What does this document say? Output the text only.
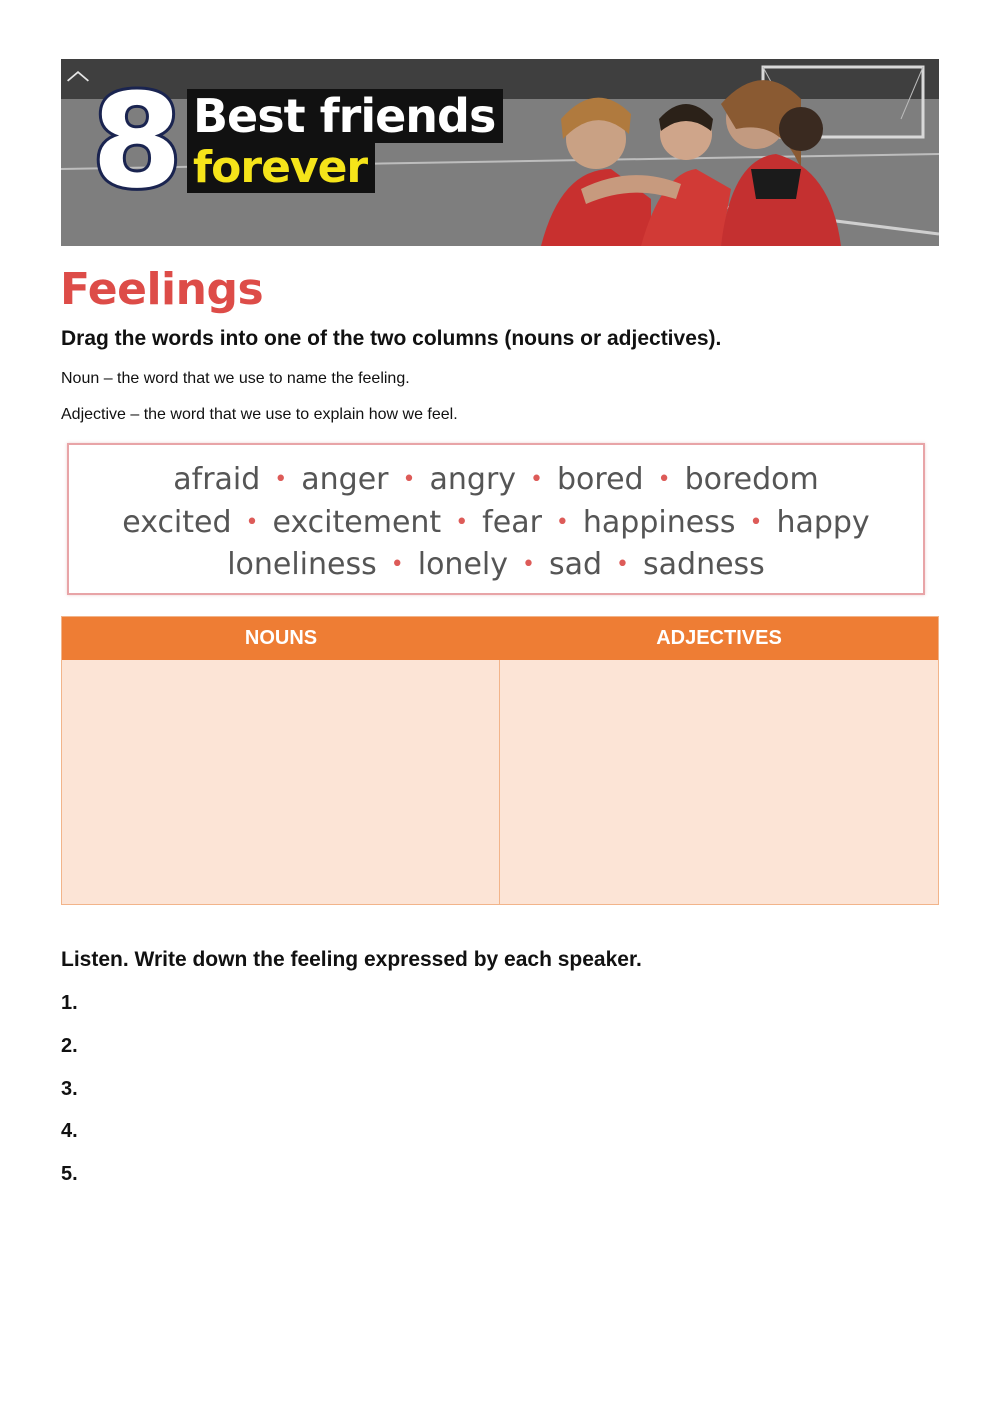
︿ 8 Best friends
forever
Feelings
Drag the words into one of the two columns (nouns or adjectives).
Noun – the word that we use to name the feeling.
Adjective – the word that we use to explain how we feel.
afraid • anger • angry • bored • boredom
excited • excitement • fear • happiness • happy
loneliness • lonely • sad • sadness
NOUNS	ADJECTIVES
Listen. Write down the feeling expressed by each speaker.
1.
2.
3.
4.
5.
